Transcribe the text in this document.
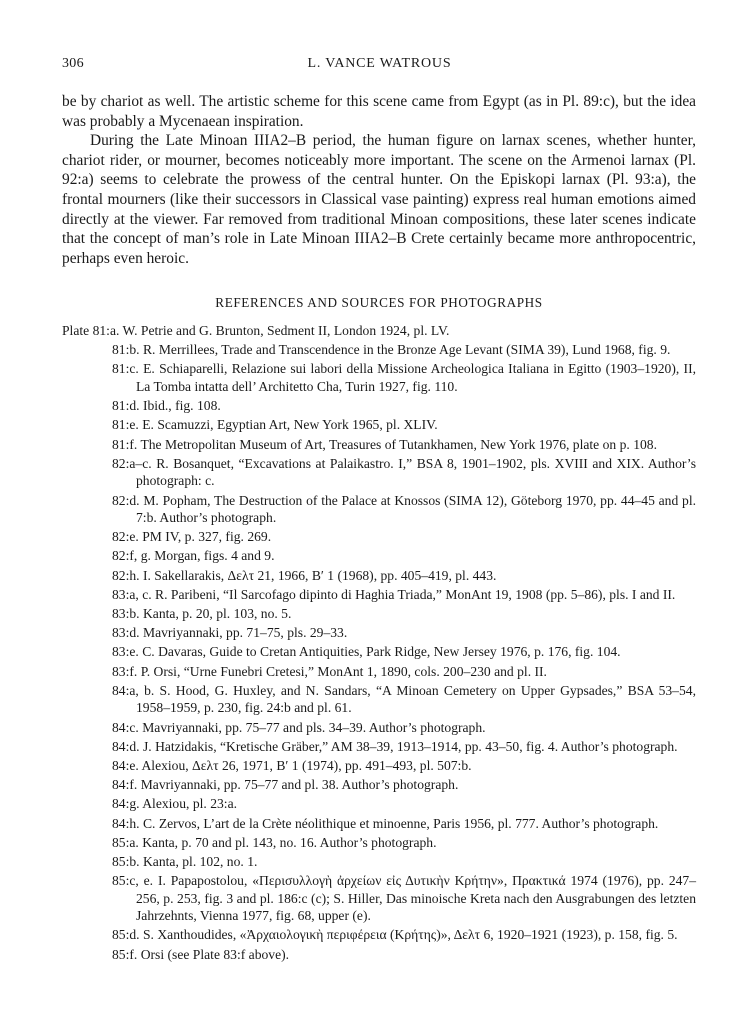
306	L. VANCE WATROUS

be by chariot as well. The artistic scheme for this scene came from Egypt (as in Pl. 89:c), but the idea was probably a Mycenaean inspiration.

During the Late Minoan IIIA2–B period, the human figure on larnax scenes, whether hunter, chariot rider, or mourner, becomes noticeably more important. The scene on the Armenoi larnax (Pl. 92:a) seems to celebrate the prowess of the central hunter. On the Episkopi larnax (Pl. 93:a), the frontal mourners (like their successors in Classical vase painting) express real human emotions aimed directly at the viewer. Far removed from traditional Minoan compositions, these later scenes indicate that the concept of man’s role in Late Minoan IIIA2–B Crete certainly became more anthropocentric, perhaps even heroic.

REFERENCES AND SOURCES FOR PHOTOGRAPHS

Plate 81:a. W. Petrie and G. Brunton, Sedment II, London 1924, pl. LV.

81:b. R. Merrillees, Trade and Transcendence in the Bronze Age Levant (SIMA 39), Lund 1968, fig. 9.

81:c. E. Schiaparelli, Relazione sui labori della Missione Archeologica Italiana in Egitto (1903–1920), II, La Tomba intatta dell’ Architetto Cha, Turin 1927, fig. 110.

81:d. Ibid., fig. 108.

81:e. E. Scamuzzi, Egyptian Art, New York 1965, pl. XLIV.

81:f. The Metropolitan Museum of Art, Treasures of Tutankhamen, New York 1976, plate on p. 108.

82:a–c. R. Bosanquet, “Excavations at Palaikastro. I,” BSA 8, 1901–1902, pls. XVIII and XIX. Author’s photograph: c.

82:d. M. Popham, The Destruction of the Palace at Knossos (SIMA 12), Göteborg 1970, pp. 44–45 and pl. 7:b. Author’s photograph.

82:e. PM IV, p. 327, fig. 269.

82:f, g. Morgan, figs. 4 and 9.

82:h. I. Sakellarakis, Δελτ 21, 1966, Β′ 1 (1968), pp. 405–419, pl. 443.

83:a, c. R. Paribeni, “Il Sarcofago dipinto di Haghia Triada,” MonAnt 19, 1908 (pp. 5–86), pls. I and II.

83:b. Kanta, p. 20, pl. 103, no. 5.

83:d. Mavriyannaki, pp. 71–75, pls. 29–33.

83:e. C. Davaras, Guide to Cretan Antiquities, Park Ridge, New Jersey 1976, p. 176, fig. 104.

83:f. P. Orsi, “Urne Funebri Cretesi,” MonAnt 1, 1890, cols. 200–230 and pl. II.

84:a, b. S. Hood, G. Huxley, and N. Sandars, “A Minoan Cemetery on Upper Gypsades,” BSA 53–54, 1958–1959, p. 230, fig. 24:b and pl. 61.

84:c. Mavriyannaki, pp. 75–77 and pls. 34–39. Author’s photograph.

84:d. J. Hatzidakis, “Kretische Gräber,” AM 38–39, 1913–1914, pp. 43–50, fig. 4. Author’s photograph.

84:e. Alexiou, Δελτ 26, 1971, Β′ 1 (1974), pp. 491–493, pl. 507:b.

84:f. Mavriyannaki, pp. 75–77 and pl. 38. Author’s photograph.

84:g. Alexiou, pl. 23:a.

84:h. C. Zervos, L’art de la Crète néolithique et minoenne, Paris 1956, pl. 777. Author’s photograph.

85:a. Kanta, p. 70 and pl. 143, no. 16. Author’s photograph.

85:b. Kanta, pl. 102, no. 1.

85:c, e. I. Papapostolou, «Περισυλλογὴ ἀρχείων εἰς Δυτικὴν Κρήτην», Πρακτικά 1974 (1976), pp. 247–256, p. 253, fig. 3 and pl. 186:c (c); S. Hiller, Das minoische Kreta nach den Ausgrabungen des letzten Jahrzehnts, Vienna 1977, fig. 68, upper (e).

85:d. S. Xanthoudides, «Ἀρχαιολογικὴ περιφέρεια (Κρήτης)», Δελτ 6, 1920–1921 (1923), p. 158, fig. 5.

85:f. Orsi (see Plate 83:f above).
